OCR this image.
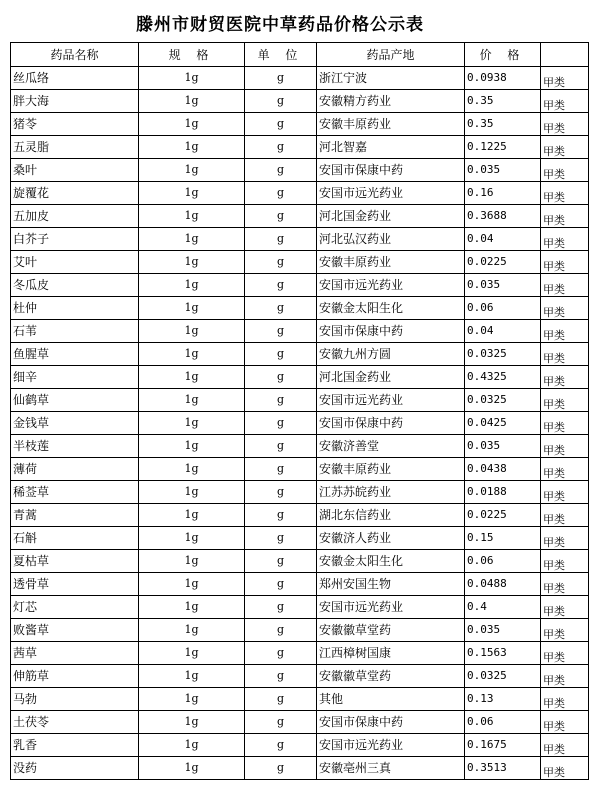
滕州市财贸医院中草药品价格公示表
药品名称	规 格	单 位	药品产地	价 格	
丝瓜络	1g	g	浙江宁波	0.0938	甲类
胖大海	1g	g	安徽精方药业	0.35	甲类
猪苓	1g	g	安徽丰原药业	0.35	甲类
五灵脂	1g	g	河北智嘉	0.1225	甲类
桑叶	1g	g	安国市保康中药	0.035	甲类
旋覆花	1g	g	安国市远光药业	0.16	甲类
五加皮	1g	g	河北国金药业	0.3688	甲类
白芥子	1g	g	河北弘汉药业	0.04	甲类
艾叶	1g	g	安徽丰原药业	0.0225	甲类
冬瓜皮	1g	g	安国市远光药业	0.035	甲类
杜仲	1g	g	安徽金太阳生化	0.06	甲类
石苇	1g	g	安国市保康中药	0.04	甲类
鱼腥草	1g	g	安徽九州方圆	0.0325	甲类
细辛	1g	g	河北国金药业	0.4325	甲类
仙鹤草	1g	g	安国市远光药业	0.0325	甲类
金钱草	1g	g	安国市保康中药	0.0425	甲类
半枝莲	1g	g	安徽济善堂	0.035	甲类
薄荷	1g	g	安徽丰原药业	0.0438	甲类
稀莶草	1g	g	江苏苏皖药业	0.0188	甲类
青蒿	1g	g	湖北东信药业	0.0225	甲类
石斛	1g	g	安徽济人药业	0.15	甲类
夏枯草	1g	g	安徽金太阳生化	0.06	甲类
透骨草	1g	g	郑州安国生物	0.0488	甲类
灯芯	1g	g	安国市远光药业	0.4	甲类
败酱草	1g	g	安徽徽草堂药	0.035	甲类
茜草	1g	g	江西樟树国康	0.1563	甲类
伸筋草	1g	g	安徽徽草堂药	0.0325	甲类
马勃	1g	g	其他	0.13	甲类
土茯苓	1g	g	安国市保康中药	0.06	甲类
乳香	1g	g	安国市远光药业	0.1675	甲类
没药	1g	g	安徽亳州三真	0.3513	甲类
